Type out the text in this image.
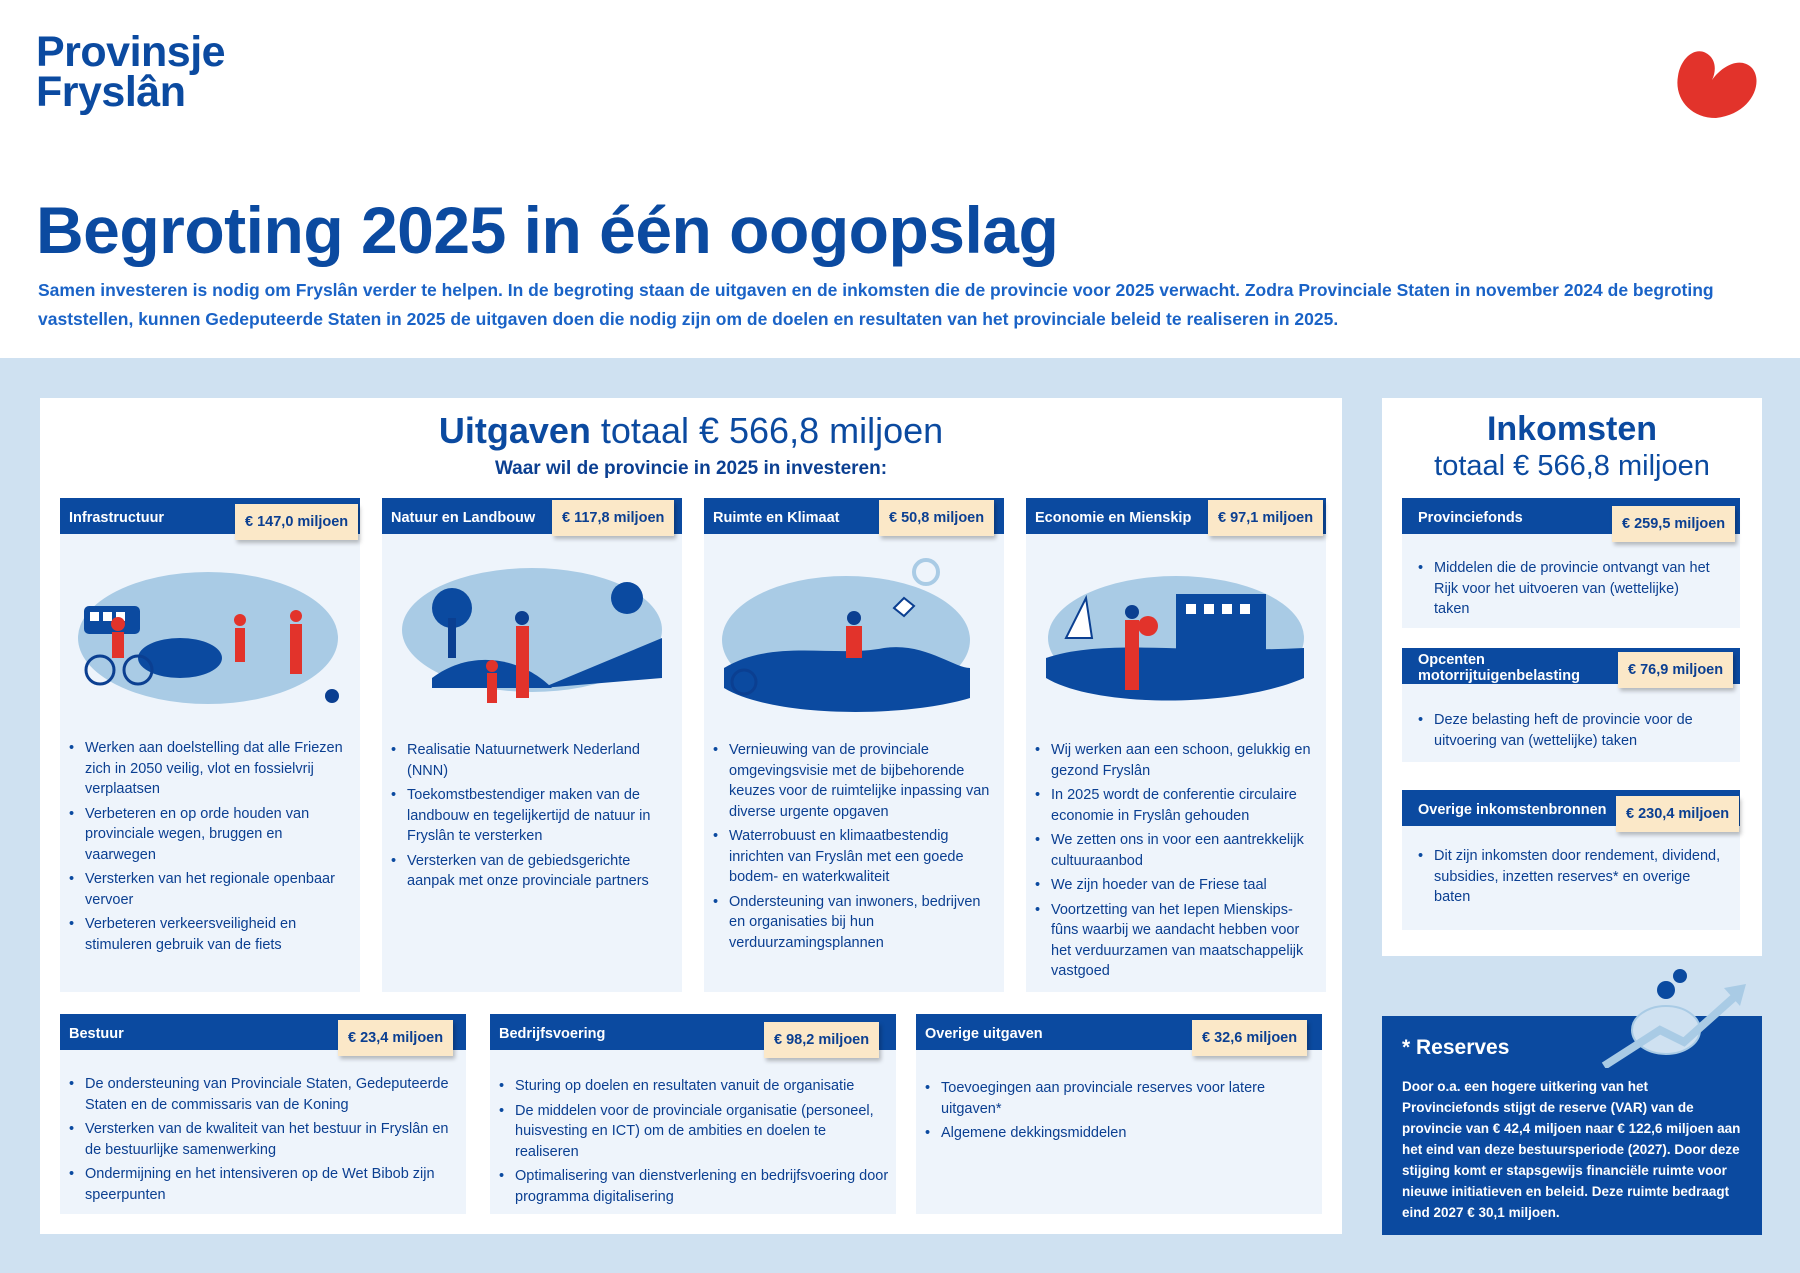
Provinsje
Fryslân
Begroting 2025 in één oogopslag
Samen investeren is nodig om Fryslân verder te helpen. In de begroting staan de uitgaven en de inkomsten die de provincie voor 2025 verwacht. Zodra Provinciale Staten in november 2024 de begroting vaststellen, kunnen Gedeputeerde Staten in 2025 de uitgaven doen die nodig zijn om de doelen en resultaten van het provinciale beleid te realiseren in 2025.
Uitgaven totaal € 566,8 miljoen
Waar wil de provincie in 2025 in investeren:
Infrastructuur	€ 147,0 miljoen
• Werken aan doelstelling dat alle Friezen zich in 2050 veilig, vlot en fossielvrij verplaatsen
• Verbeteren en op orde houden van provinciale wegen, bruggen en vaarwegen
• Versterken van het regionale openbaar vervoer
• Verbeteren verkeersveiligheid en stimuleren gebruik van de fiets
Natuur en Landbouw	€ 117,8 miljoen
• Realisatie Natuurnetwerk Nederland (NNN)
• Toekomstbestendiger maken van de landbouw en tegelijkertijd de natuur in Fryslân te versterken
• Versterken van de gebiedsgerichte aanpak met onze provinciale partners
Ruimte en Klimaat	€ 50,8 miljoen
• Vernieuwing van de provinciale omgevingsvisie met de bijbehorende keuzes voor de ruimtelijke inpassing van diverse urgente opgaven
• Waterrobuust en klimaatbestendig inrichten van Fryslân met een goede bodem- en waterkwaliteit
• Ondersteuning van inwoners, bedrijven en organisaties bij hun verduurzamingsplannen
Economie en Mienskip	€ 97,1 miljoen
• Wij werken aan een schoon, gelukkig en gezond Fryslân
• In 2025 wordt de conferentie circulaire economie in Fryslân gehouden
• We zetten ons in voor een aantrekkelijk cultuuraanbod
• We zijn hoeder van de Friese taal
• Voortzetting van het Iepen Mienskips-fûns waarbij we aandacht hebben voor het verduurzamen van maatschappelijk vastgoed
Bestuur	€ 23,4 miljoen
• De ondersteuning van Provinciale Staten, Gedeputeerde Staten en de commissaris van de Koning
• Versterken van de kwaliteit van het bestuur in Fryslân en de bestuurlijke samenwerking
• Ondermijning en het intensiveren op de Wet Bibob zijn speerpunten
Bedrijfsvoering	€ 98,2 miljoen
• Sturing op doelen en resultaten vanuit de organisatie
• De middelen voor de provinciale organisatie (personeel, huisvesting en ICT) om de ambities en doelen te realiseren
• Optimalisering van dienstverlening en bedrijfsvoering door programma digitalisering
Overige uitgaven	€ 32,6 miljoen
• Toevoegingen aan provinciale reserves voor latere uitgaven*
• Algemene dekkingsmiddelen
Inkomsten
totaal € 566,8 miljoen
Provinciefonds	€ 259,5 miljoen
• Middelen die de provincie ontvangt van het Rijk voor het uitvoeren van (wettelijke) taken
Opcenten
motorrijtuigenbelasting	€ 76,9 miljoen
• Deze belasting heft de provincie voor de uitvoering van (wettelijke) taken
Overige inkomstenbronnen	€ 230,4 miljoen
• Dit zijn inkomsten door rendement, dividend, subsidies, inzetten reserves* en overige baten
* Reserves
Door o.a. een hogere uitkering van het Provinciefonds stijgt de reserve (VAR) van de provincie van € 42,4 miljoen naar € 122,6 miljoen aan het eind van deze bestuursperiode (2027). Door deze stijging komt er stapsgewijs financiële ruimte voor nieuwe initiatieven en beleid. Deze ruimte bedraagt eind 2027 € 30,1 miljoen.
